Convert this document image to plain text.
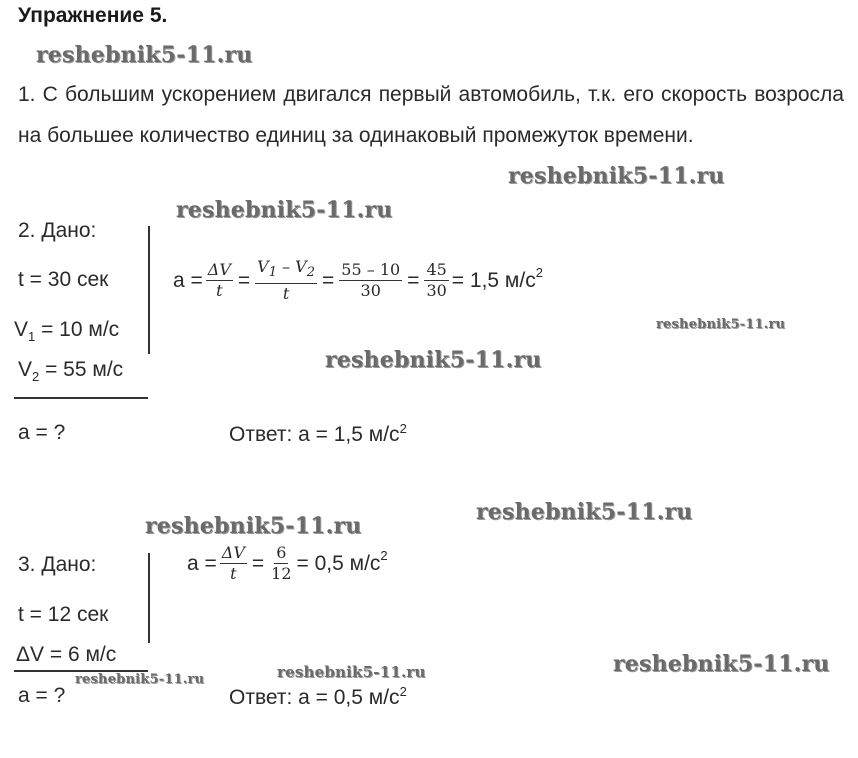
Упражнение 5.
reshebnik5-11.ru
reshebnik5-11.ru
reshebnik5-11.ru
reshebnik5-11.ru
reshebnik5-11.ru
reshebnik5-11.ru
reshebnik5-11.ru
reshebnik5-11.ru
reshebnik5-11.ru
reshebnik5-11.ru
1. С большим ускорением двигался первый автомобиль, т.к. его скорость возросла на большее количество единиц за одинаковый промежуток времени.
2. Дано:
t = 30 сек
$V_1 = 10$ м/с
$V_2 = 55$ м/с
a = ?
$a = \frac{\Delta V}{t} = \frac{V_1 - V_2}{t} = \frac{55 - 10}{30} = \frac{45}{30} = 1,5$ $м/с^2$
Ответ: a = 1,5 $м/с^2$
3. Дано:
t = 12 сек
ΔV = 6 м/с
a = ?
$a = \frac{\Delta V}{t} = \frac{6}{12} = 0,5$ $м/с^2$
Ответ: a = 0,5 $м/с^2$
